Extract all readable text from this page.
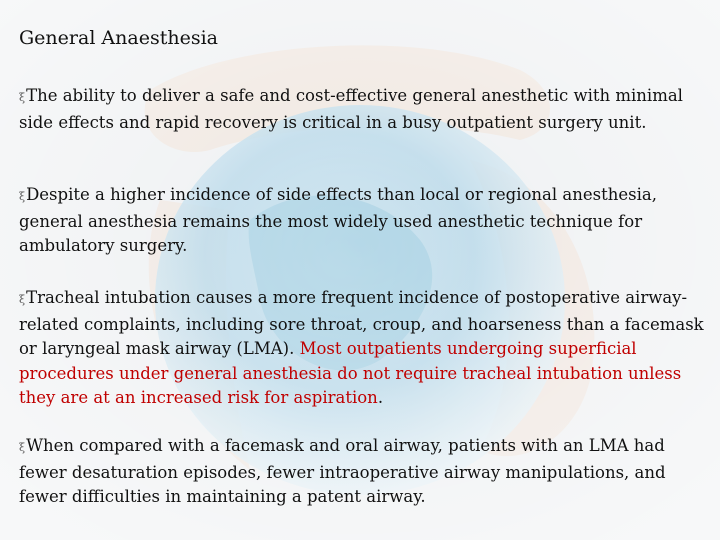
General Anaesthesia

ξThe ability to deliver a safe and cost-effective general anesthetic with minimal side effects and rapid recovery is critical in a busy outpatient surgery unit.

ξDespite a higher incidence of side effects than local or regional anesthesia, general anesthesia remains the most widely used anesthetic technique for ambulatory surgery.

ξTracheal intubation causes a more frequent incidence of postoperative airway-related complaints, including sore throat, croup, and hoarseness than a facemask or laryngeal mask airway (LMA). Most outpatients undergoing superficial procedures under general anesthesia do not require tracheal intubation unless they are at an increased risk for aspiration.

ξWhen compared with a facemask and oral airway, patients with an LMA had fewer desaturation episodes, fewer intraoperative airway manipulations, and fewer difficulties in maintaining a patent airway.
